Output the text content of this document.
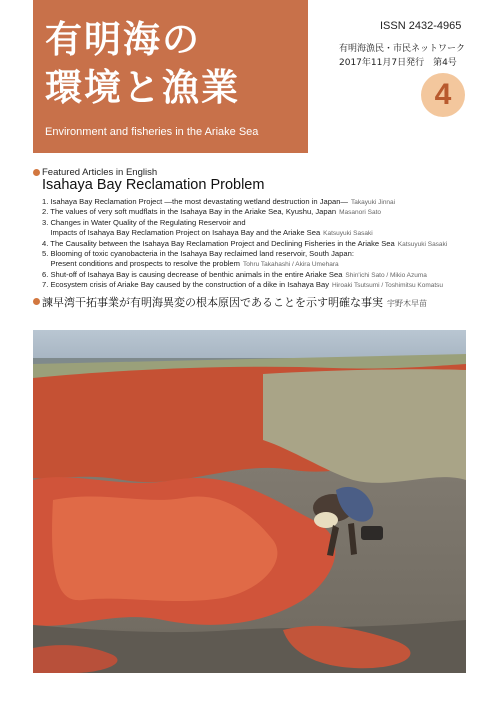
有明海の
環境と漁業
Environment and fisheries in the Ariake Sea
ISSN 2432-4965
有明海漁民・市民ネットワーク
2017年11月7日発行　第4号
4
Featured Articles in English
Isahaya Bay Reclamation Problem
1. Isahaya Bay Reclamation Project —the most devastating wetland destruction in Japan— Takayuki Jinnai
2. The values of very soft mudflats in the Isahaya Bay in the Ariake Sea, Kyushu, Japan Masanori Sato
3. Changes in Water Quality of the Regulating Reservoir and
Impacts of Isahaya Bay Reclamation Project on Isahaya Bay and the Ariake Sea Katsuyuki Sasaki
4. The Causality between the Isahaya Bay Reclamation Project and Declining Fisheries in the Ariake Sea Katsuyuki Sasaki
5. Blooming of toxic cyanobacteria in the Isahaya Bay reclaimed land reservoir, South Japan:
Present conditions and prospects to resolve the problem Tohru Takahashi / Akira Umehara
6. Shut-off of Isahaya Bay is causing decrease of benthic animals in the entire Ariake Sea Shin'ichi Sato / Mikio Azuma
7. Ecosystem crisis of Ariake Bay caused by the construction of a dike in Isahaya Bay Hiroaki Tsutsumi / Toshimitsu Komatsu
諫早湾干拓事業が有明海異変の根本原因であることを示す明確な事実 宇野木早苗
